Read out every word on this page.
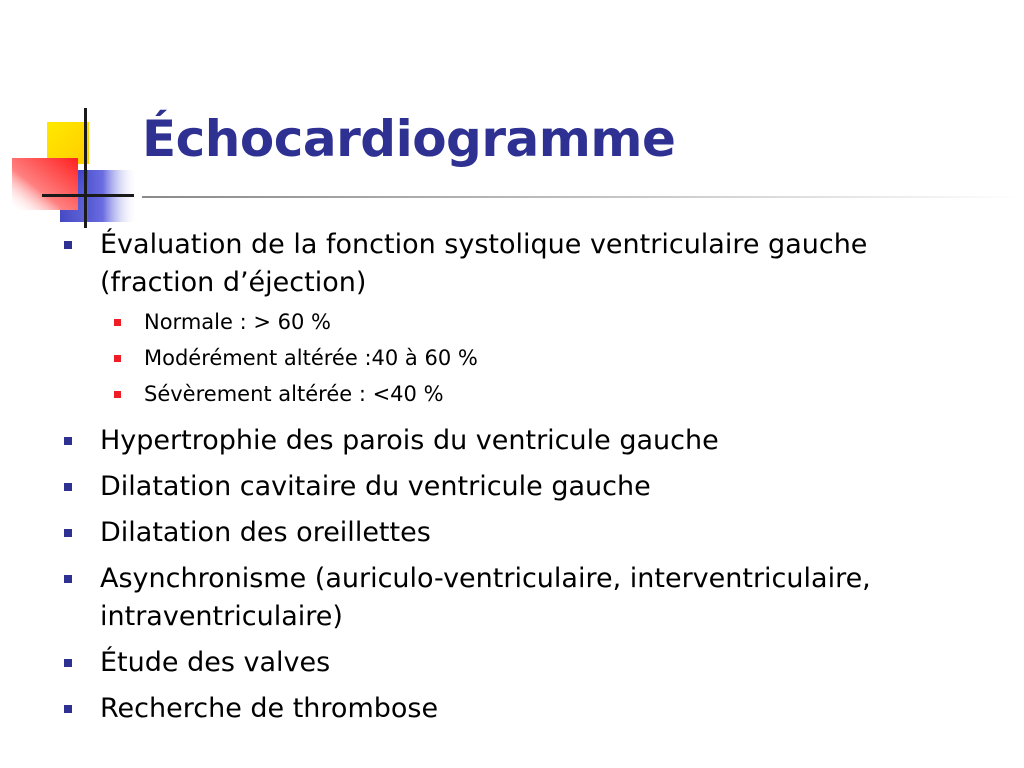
Échocardiogramme
Évaluation de la fonction systolique ventriculaire gauche (fraction d’éjection)
Normale : > 60 %
Modérément altérée :40 à 60 %
Sévèrement altérée : <40 %
Hypertrophie des parois du ventricule gauche
Dilatation cavitaire du ventricule gauche
Dilatation des oreillettes
Asynchronisme (auriculo-ventriculaire, interventriculaire, intraventriculaire)
Étude des valves
Recherche de thrombose
